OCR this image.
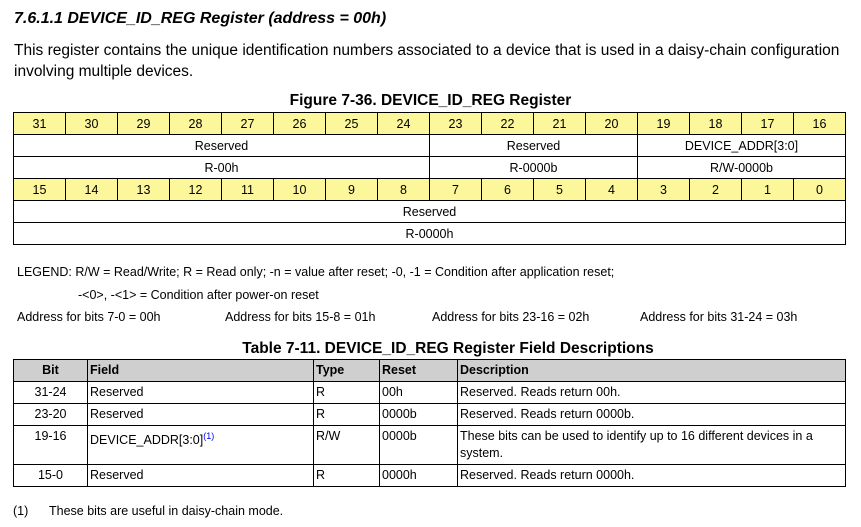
7.6.1.1 DEVICE_ID_REG Register (address = 00h)

This register contains the unique identification numbers associated to a device that is used in a daisy-chain configuration involving multiple devices.

Figure 7-36. DEVICE_ID_REG Register
31	30	29	28	27	26	25	24	23	22	21	20	19	18	17	16
Reserved								Reserved				DEVICE_ADDR[3:0]			
R-00h								R-0000b				R/W-0000b			
15	14	13	12	11	10	9	8	7	6	5	4	3	2	1	0
Reserved															
R-0000h															
LEGEND: R/W = Read/Write; R = Read only; -n = value after reset; -0, -1 = Condition after application reset;
-<0>, -<1> = Condition after power-on reset
Address for bits 7-0 = 00h	Address for bits 15-8 = 01h	Address for bits 23-16 = 02h	Address for bits 31-24 = 03h
Table 7-11. DEVICE_ID_REG Register Field Descriptions
Bit	Field	Type	Reset	Description
31-24	Reserved	R	00h	Reserved. Reads return 00h.
23-20	Reserved	R	0000b	Reserved. Reads return 0000b.
19-16	DEVICE_ADDR[3:0]$^{(1)}$	R/W	0000b	These bits can be used to identify up to 16 different devices in a system.
15-0	Reserved	R	0000h	Reserved. Reads return 0000h.
(1) These bits are useful in daisy-chain mode.
